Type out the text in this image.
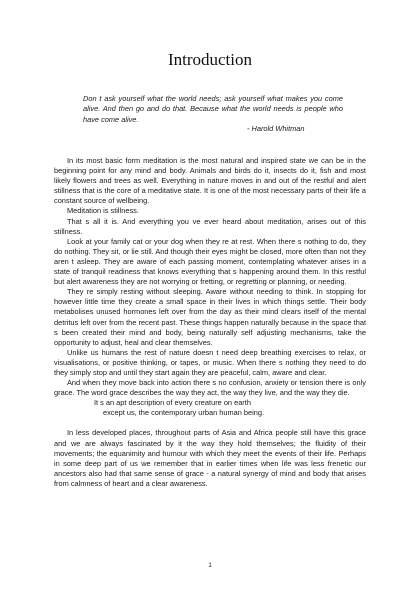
Introduction

Don t ask yourself what the world needs; ask yourself what makes you come alive. And then go and do that. Because what the world needs is people who have come alive.

- Harold Whitman

In its most basic form meditation is the most natural and inspired state we can be in the beginning point for any mind and body. Animals and birds do it, insects do it, fish and most likely flowers and trees as well. Everything in nature moves in and out of the restful and alert stillness that is the core of a meditative state. It is one of the most necessary parts of their life a constant source of wellbeing.

Meditation is stillness.

That s all it is. And everything you ve ever heard about meditation, arises out of this stillness.

Look at your family cat or your dog when they re at rest. When there s nothing to do, they do nothing. They sit, or lie still. And though their eyes might be closed, more often than not they aren t asleep. They are aware of each passing moment, contemplating whatever arises in a state of tranquil readiness that knows everything that s happening around them. In this restful but alert awareness they are not worrying or fretting, or regretting or planning, or needing.

They re simply resting without sleeping. Aware without needing to think. In stopping for however little time they create a small space in their lives in which things settle. Their body metabolises unused hormones left over from the day as their mind clears itself of the mental detritus left over from the recent past. These things happen naturally because in the space that s been created their mind and body, being naturally self adjusting mechanisms, take the opportunity to adjust, heal and clear themselves.

Unlike us humans the rest of nature doesn t need deep breathing exercises to relax, or visualisations, or positive thinking, or tapes, or music. When there s nothing they need to do they simply stop and until they start again they are peaceful, calm, aware and clear.

And when they move back into action there s no confusion, anxiety or tension there is only grace. The word grace describes the way they act, the way they live, and the way they die.

It s an apt description of every creature on earth

except us, the contemporary urban human being.

In less developed places, throughout parts of Asia and Africa people still have this grace and we are always fascinated by it the way they hold themselves; the fluidity of their movements; the equanimity and humour with which they meet the events of their life. Perhaps in some deep part of us we remember that in earlier times when life was less frenetic our ancestors also had that same sense of grace - a natural synergy of mind and body that arises from calmness of heart and a clear awareness.

1
